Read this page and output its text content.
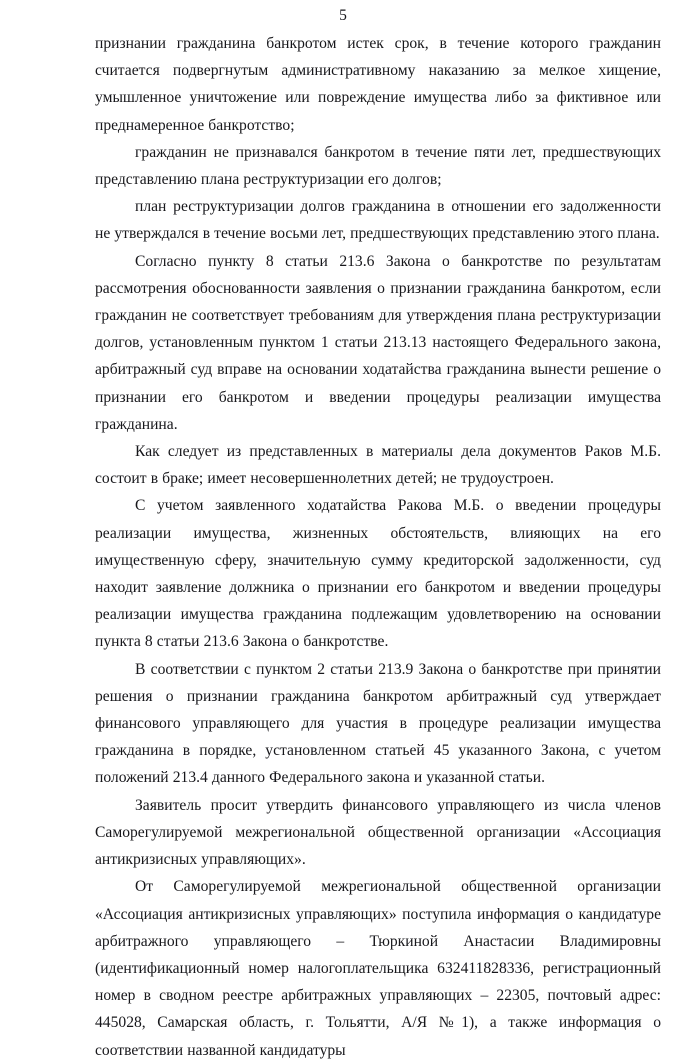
5

признании гражданина банкротом истек срок, в течение которого гражданин считается подвергнутым административному наказанию за мелкое хищение, умышленное уничтожение или повреждение имущества либо за фиктивное или преднамеренное банкротство;

гражданин не признавался банкротом в течение пяти лет, предшествующих представлению плана реструктуризации его долгов;

план реструктуризации долгов гражданина в отношении его задолженности не утверждался в течение восьми лет, предшествующих представлению этого плана.

Согласно пункту 8 статьи 213.6 Закона о банкротстве по результатам рассмотрения обоснованности заявления о признании гражданина банкротом, если гражданин не соответствует требованиям для утверждения плана реструктуризации долгов, установленным пунктом 1 статьи 213.13 настоящего Федерального закона, арбитражный суд вправе на основании ходатайства гражданина вынести решение о признании его банкротом и введении процедуры реализации имущества гражданина.

Как следует из представленных в материалы дела документов Раков М.Б. состоит в браке; имеет несовершеннолетних детей; не трудоустроен.

С учетом заявленного ходатайства Ракова М.Б. о введении процедуры реализации имущества, жизненных обстоятельств, влияющих на его имущественную сферу, значительную сумму кредиторской задолженности, суд находит заявление должника о признании его банкротом и введении процедуры реализации имущества гражданина подлежащим удовлетворению на основании пункта 8 статьи 213.6 Закона о банкротстве.

В соответствии с пунктом 2 статьи 213.9 Закона о банкротстве при принятии решения о признании гражданина банкротом арбитражный суд утверждает финансового управляющего для участия в процедуре реализации имущества гражданина в порядке, установленном статьей 45 указанного Закона, с учетом положений 213.4 данного Федерального закона и указанной статьи.

Заявитель просит утвердить финансового управляющего из числа членов Саморегулируемой межрегиональной общественной организации «Ассоциация антикризисных управляющих».

От Саморегулируемой межрегиональной общественной организации «Ассоциация антикризисных управляющих» поступила информация о кандидатуре арбитражного управляющего – Тюркиной Анастасии Владимировны (идентификационный номер налогоплательщика 632411828336, регистрационный номер в сводном реестре арбитражных управляющих – 22305, почтовый адрес: 445028, Самарская область, г. Тольятти, А/Я №1), а также информация о соответствии названной кандидатуры
